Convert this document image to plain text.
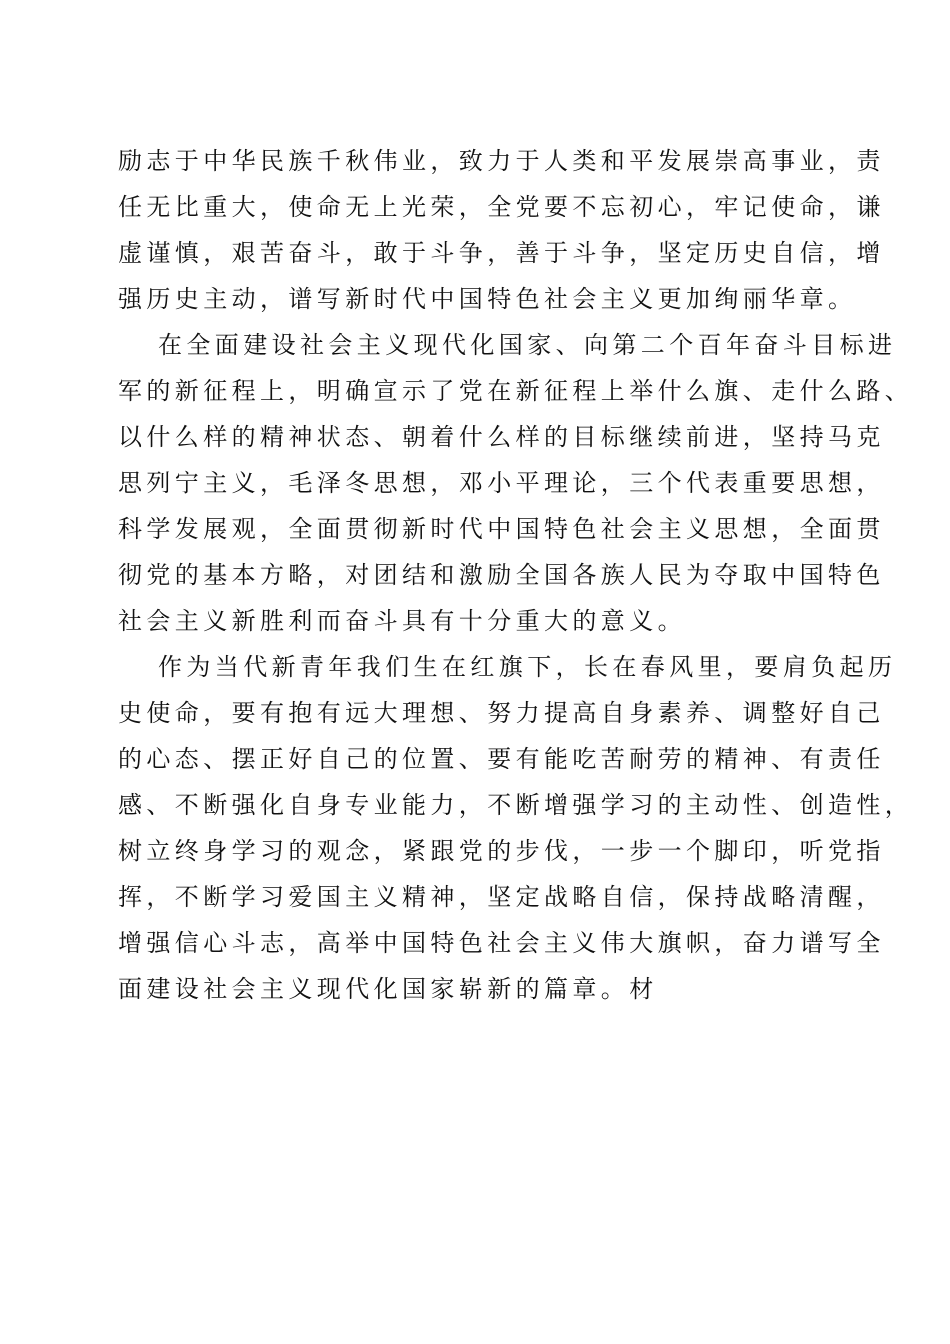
励志于中华民族千秋伟业，致力于人类和平发展崇高事业，责
任无比重大，使命无上光荣，全党要不忘初心，牢记使命，谦
虚谨慎，艰苦奋斗，敢于斗争，善于斗争，坚定历史自信，增
强历史主动，谱写新时代中国特色社会主义更加绚丽华章。
在全面建设社会主义现代化国家、向第二个百年奋斗目标进
军的新征程上，明确宣示了党在新征程上举什么旗、走什么路、
以什么样的精神状态、朝着什么样的目标继续前进，坚持马克
思列宁主义，毛泽冬思想，邓小平理论，三个代表重要思想，
科学发展观，全面贯彻新时代中国特色社会主义思想，全面贯
彻党的基本方略，对团结和激励全国各族人民为夺取中国特色
社会主义新胜利而奋斗具有十分重大的意义。
作为当代新青年我们生在红旗下，长在春风里，要肩负起历
史使命，要有抱有远大理想、努力提高自身素养、调整好自己
的心态、摆正好自己的位置、要有能吃苦耐劳的精神、有责任
感、不断强化自身专业能力，不断增强学习的主动性、创造性，
树立终身学习的观念，紧跟党的步伐，一步一个脚印，听党指
挥，不断学习爱国主义精神，坚定战略自信，保持战略清醒，
增强信心斗志，高举中国特色社会主义伟大旗帜，奋力谱写全
面建设社会主义现代化国家崭新的篇章。材
